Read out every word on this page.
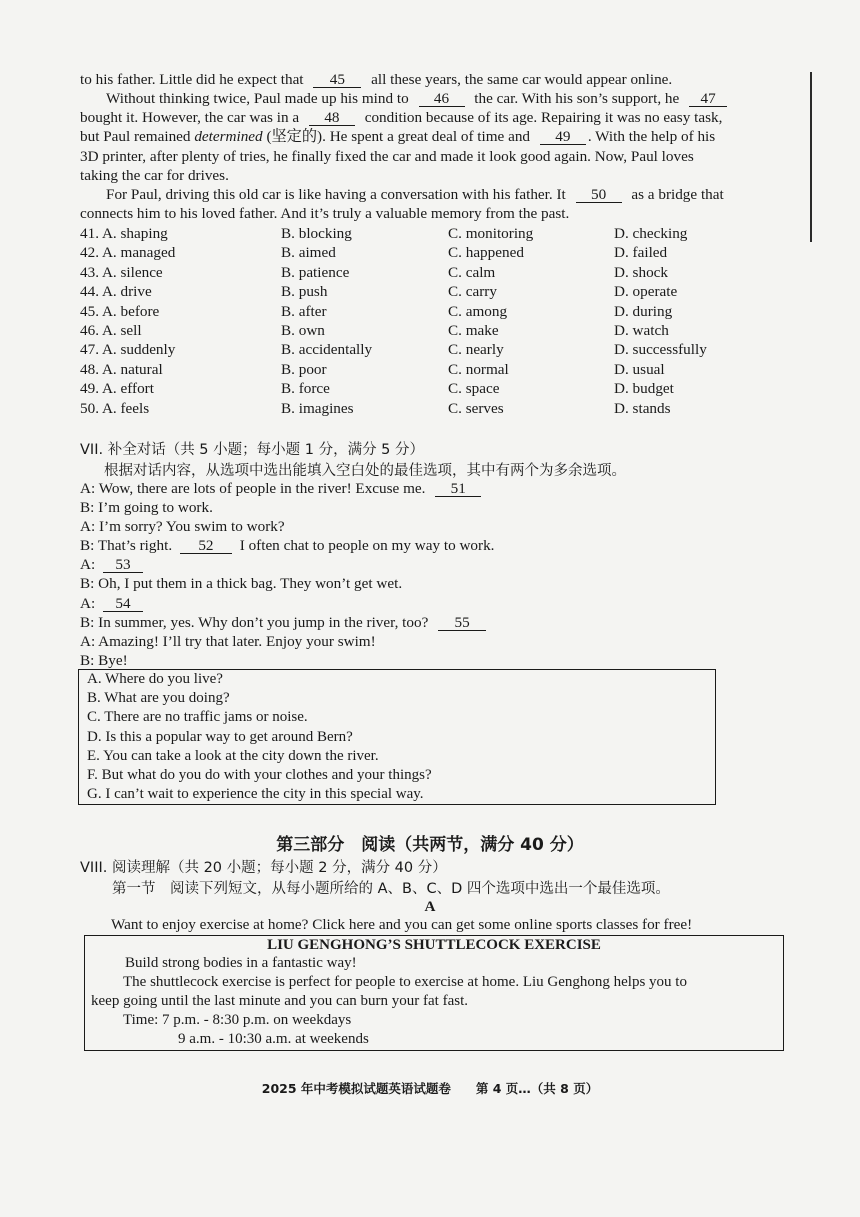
to his father. Little did he expect that 45 all these years, the same car would appear online.
Without thinking twice, Paul made up his mind to 46 the car. With his son’s support, he 47
bought it. However, the car was in a 48 condition because of its age. Repairing it was no easy task,
but Paul remained determined (坚定的). He spent a great deal of time and 49 . With the help of his
3D printer, after plenty of tries, he finally fixed the car and made it look good again. Now, Paul loves
taking the car for drives.
For Paul, driving this old car is like having a conversation with his father. It 50 as a bridge that
connects him to his loved father. And it’s truly a valuable memory from the past.
41. A. shaping	B. blocking	C. monitoring	D. checking
42. A. managed	B. aimed	C. happened	D. failed
43. A. silence	B. patience	C. calm	D. shock
44. A. drive	B. push	C. carry	D. operate
45. A. before	B. after	C. among	D. during
46. A. sell	B. own	C. make	D. watch
47. A. suddenly	B. accidentally	C. nearly	D. successfully
48. A. natural	B. poor	C. normal	D. usual
49. A. effort	B. force	C. space	D. budget
50. A. feels	B. imagines	C. serves	D. stands
VII. 补全对话（共 5 小题；每小题 1 分，满分 5 分）
根据对话内容，从选项中选出能填入空白处的最佳选项，其中有两个为多余选项。
A: Wow, there are lots of people in the river! Excuse me. 51
B: I’m going to work.
A: I’m sorry? You swim to work?
B: That’s right. 52 I often chat to people on my way to work.
A: 53
B: Oh, I put them in a thick bag. They won’t get wet.
A: 54
B: In summer, yes. Why don’t you jump in the river, too? 55
A: Amazing! I’ll try that later. Enjoy your swim!
B: Bye!
A. Where do you live?
B. What are you doing?
C. There are no traffic jams or noise.
D. Is this a popular way to get around Bern?
E. You can take a look at the city down the river.
F. But what do you do with your clothes and your things?
G. I can’t wait to experience the city in this special way.
第三部分　阅读（共两节，满分 40 分）
VIII. 阅读理解（共 20 小题；每小题 2 分，满分 40 分）
第一节　阅读下列短文，从每小题所给的 A、B、C、D 四个选项中选出一个最佳选项。
A
Want to enjoy exercise at home? Click here and you can get some online sports classes for free!
LIU GENGHONG’S SHUTTLECOCK EXERCISE
Build strong bodies in a fantastic way!
The shuttlecock exercise is perfect for people to exercise at home. Liu Genghong helps you to
keep going until the last minute and you can burn your fat fast.
Time: 7 p.m. - 8:30 p.m. on weekdays
9 a.m. - 10:30 a.m. at weekends
2025 年中考模拟试题英语试题卷　　第 4 页…（共 8 页）
